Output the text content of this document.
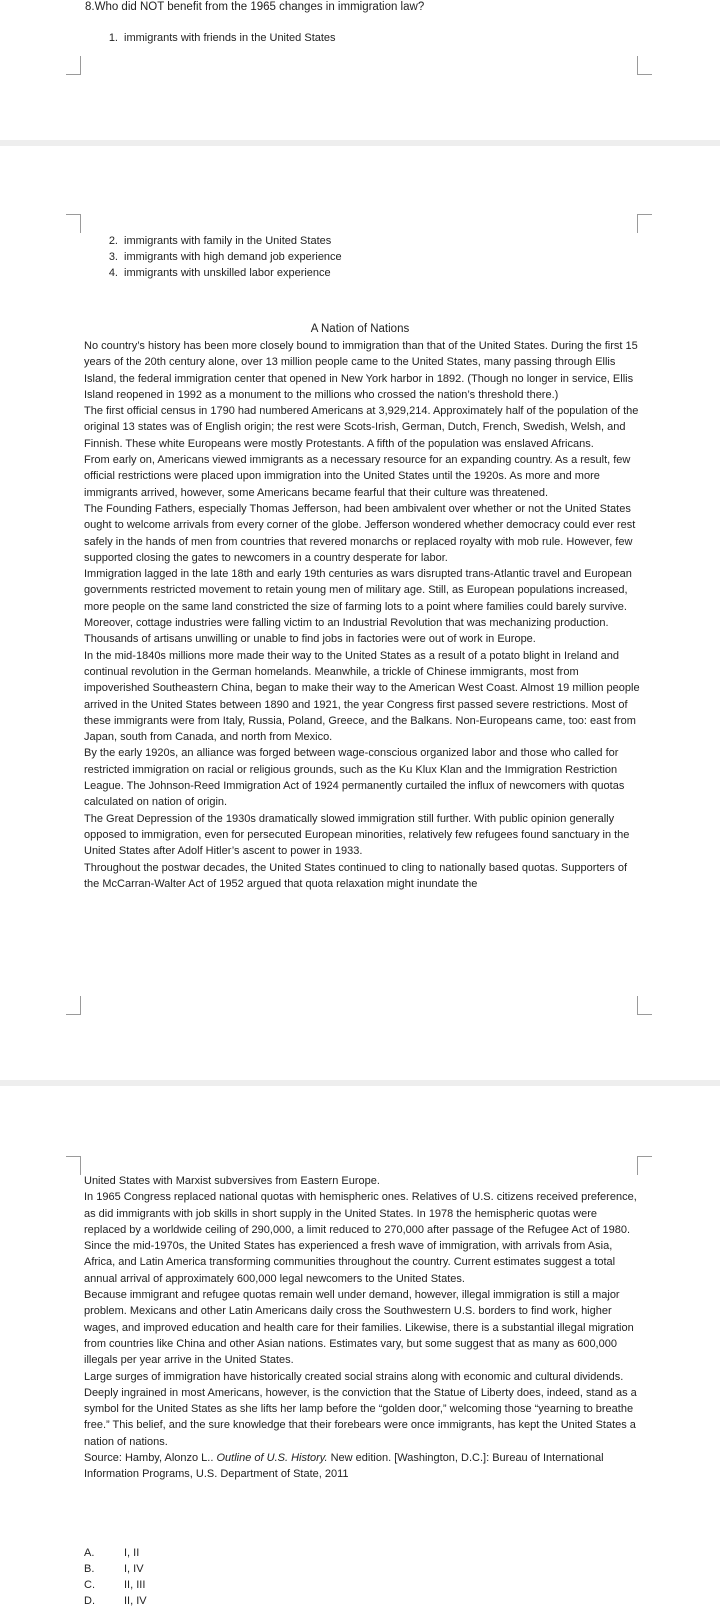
8.Who did NOT benefit from the 1965 changes in immigration law?

1. immigrants with friends in the United States
2. immigrants with family in the United States
3. immigrants with high demand job experience
4. immigrants with unskilled labor experience
A Nation of Nations

No country’s history has been more closely bound to immigration than that of the United States. During the first 15 years of the 20th century alone, over 13 million people came to the United States, many passing through Ellis Island, the federal immigration center that opened in New York harbor in 1892. (Though no longer in service, Ellis Island reopened in 1992 as a monument to the millions who crossed the nation’s threshold there.)

The first official census in 1790 had numbered Americans at 3,929,214. Approximately half of the population of the original 13 states was of English origin; the rest were Scots-Irish, German, Dutch, French, Swedish, Welsh, and Finnish. These white Europeans were mostly Protestants. A fifth of the population was enslaved Africans.

From early on, Americans viewed immigrants as a necessary resource for an expanding country. As a result, few official restrictions were placed upon immigration into the United States until the 1920s. As more and more immigrants arrived, however, some Americans became fearful that their culture was threatened.

The Founding Fathers, especially Thomas Jefferson, had been ambivalent over whether or not the United States ought to welcome arrivals from every corner of the globe. Jefferson wondered whether democracy could ever rest safely in the hands of men from countries that revered monarchs or replaced royalty with mob rule. However, few supported closing the gates to newcomers in a country desperate for labor.

Immigration lagged in the late 18th and early 19th centuries as wars disrupted trans-Atlantic travel and European governments restricted movement to retain young men of military age. Still, as European populations increased, more people on the same land constricted the size of farming lots to a point where families could barely survive. Moreover, cottage industries were falling victim to an Industrial Revolution that was mechanizing production. Thousands of artisans unwilling or unable to find jobs in factories were out of work in Europe.

In the mid-1840s millions more made their way to the United States as a result of a potato blight in Ireland and continual revolution in the German homelands. Meanwhile, a trickle of Chinese immigrants, most from impoverished Southeastern China, began to make their way to the American West Coast. Almost 19 million people arrived in the United States between 1890 and 1921, the year Congress first passed severe restrictions. Most of these immigrants were from Italy, Russia, Poland, Greece, and the Balkans. Non-Europeans came, too: east from Japan, south from Canada, and north from Mexico.

By the early 1920s, an alliance was forged between wage-conscious organized labor and those who called for restricted immigration on racial or religious grounds, such as the Ku Klux Klan and the Immigration Restriction League. The Johnson-Reed Immigration Act of 1924 permanently curtailed the influx of newcomers with quotas calculated on nation of origin.

The Great Depression of the 1930s dramatically slowed immigration still further. With public opinion generally opposed to immigration, even for persecuted European minorities, relatively few refugees found sanctuary in the United States after Adolf Hitler’s ascent to power in 1933.

Throughout the postwar decades, the United States continued to cling to nationally based quotas. Supporters of the McCarran-Walter Act of 1952 argued that quota relaxation might inundate the

United States with Marxist subversives from Eastern Europe.

In 1965 Congress replaced national quotas with hemispheric ones. Relatives of U.S. citizens received preference, as did immigrants with job skills in short supply in the United States. In 1978 the hemispheric quotas were replaced by a worldwide ceiling of 290,000, a limit reduced to 270,000 after passage of the Refugee Act of 1980.

Since the mid-1970s, the United States has experienced a fresh wave of immigration, with arrivals from Asia, Africa, and Latin America transforming communities throughout the country. Current estimates suggest a total annual arrival of approximately 600,000 legal newcomers to the United States.

Because immigrant and refugee quotas remain well under demand, however, illegal immigration is still a major problem. Mexicans and other Latin Americans daily cross the Southwestern U.S. borders to find work, higher wages, and improved education and health care for their families. Likewise, there is a substantial illegal migration from countries like China and other Asian nations. Estimates vary, but some suggest that as many as 600,000 illegals per year arrive in the United States.

Large surges of immigration have historically created social strains along with economic and cultural dividends. Deeply ingrained in most Americans, however, is the conviction that the Statue of Liberty does, indeed, stand as a symbol for the United States as she lifts her lamp before the “golden door,” welcoming those “yearning to breathe free.” This belief, and the sure knowledge that their forebears were once immigrants, has kept the United States a nation of nations.

Source: Hamby, Alonzo L.. Outline of U.S. History. New edition. [Washington, D.C.]: Bureau of International Information Programs, U.S. Department of State, 2011

A.	I, II
B.	I, IV
C.	II, III
D.	II, IV
